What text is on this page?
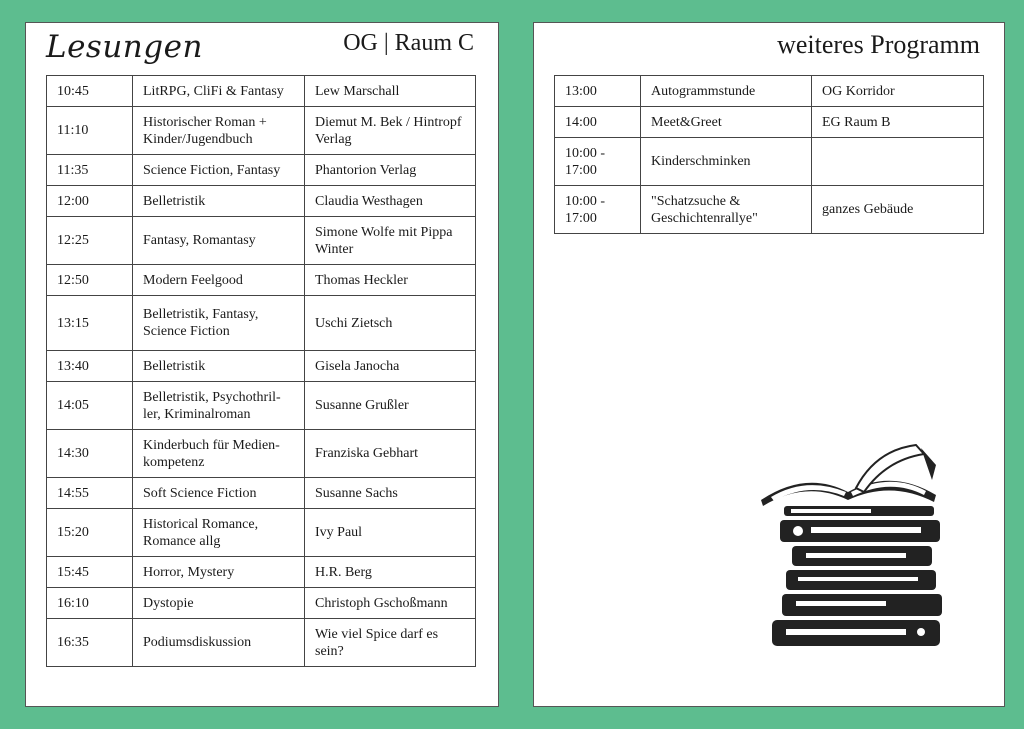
Lesungen	OG | Raum C
10:45	LitRPG, CliFi & Fantasy	Lew Marschall
11:10	Historischer Roman + Kinder/Jugendbuch	Diemut M. Bek / Hintropf Verlag
11:35	Science Fiction, Fantasy	Phantorion Verlag
12:00	Belletristik	Claudia Westhagen
12:25	Fantasy, Romantasy	Simone Wolfe mit Pippa Winter
12:50	Modern Feelgood	Thomas Heckler
13:15	Belletristik, Fantasy, Science Fiction	Uschi Zietsch
13:40	Belletristik	Gisela Janocha
14:05	Belletristik, Psychothril-ler, Kriminalroman	Susanne Grußler
14:30	Kinderbuch für Medien-kompetenz	Franziska Gebhart
14:55	Soft Science Fiction	Susanne Sachs
15:20	Historical Romance, Romance allg	Ivy Paul
15:45	Horror, Mystery	H.R. Berg
16:10	Dystopie	Christoph Gschoßmann
16:35	Podiumsdiskussion	Wie viel Spice darf es sein?
weiteres Programm
13:00	Autogrammstunde	OG Korridor
14:00	Meet&Greet	EG Raum B
10:00 - 17:00	Kinderschminken	
10:00 - 17:00	"Schatzsuche & Geschichtenrallye"	ganzes Gebäude
